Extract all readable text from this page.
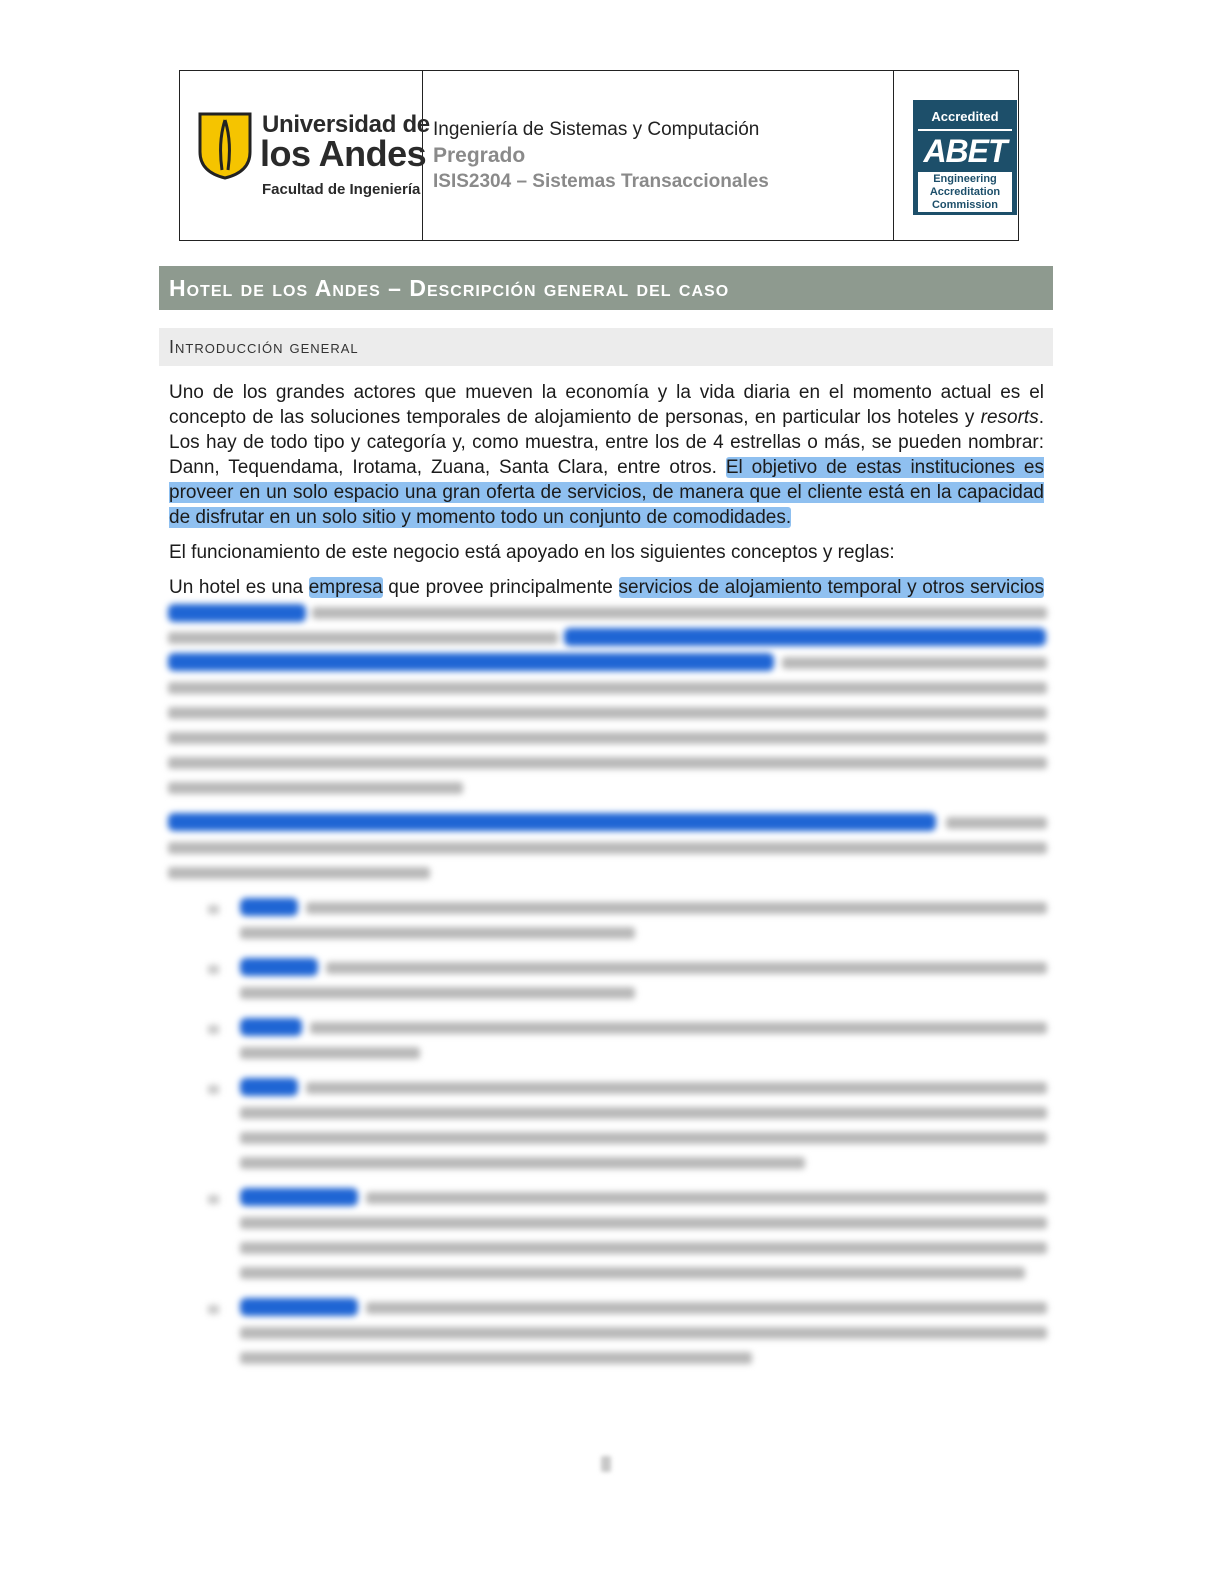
Universidad de
los Andes
Facultad de Ingeniería
Ingeniería de Sistemas y Computación
Pregrado
ISIS2304 – Sistemas Transaccionales
Accredited
ABET
Engineering
Accreditation
Commission
Hotel de los Andes – Descripción general del caso
Introducción general
Uno de los grandes actores que mueven la economía y la vida diaria en el momento actual es el concepto de las soluciones temporales de alojamiento de personas, en particular los hoteles y resorts. Los hay de todo tipo y categoría y, como muestra, entre los de 4 estrellas o más, se pueden nombrar: Dann, Tequendama, Irotama, Zuana, Santa Clara, entre otros. El objetivo de estas instituciones es proveer en un solo espacio una gran oferta de servicios, de manera que el cliente está en la capacidad de disfrutar en un solo sitio y momento todo un conjunto de comodidades.
El funcionamiento de este negocio está apoyado en los siguientes conceptos y reglas:
Un hotel es una empresa que provee principalmente servicios de alojamiento temporal y otros servicios
